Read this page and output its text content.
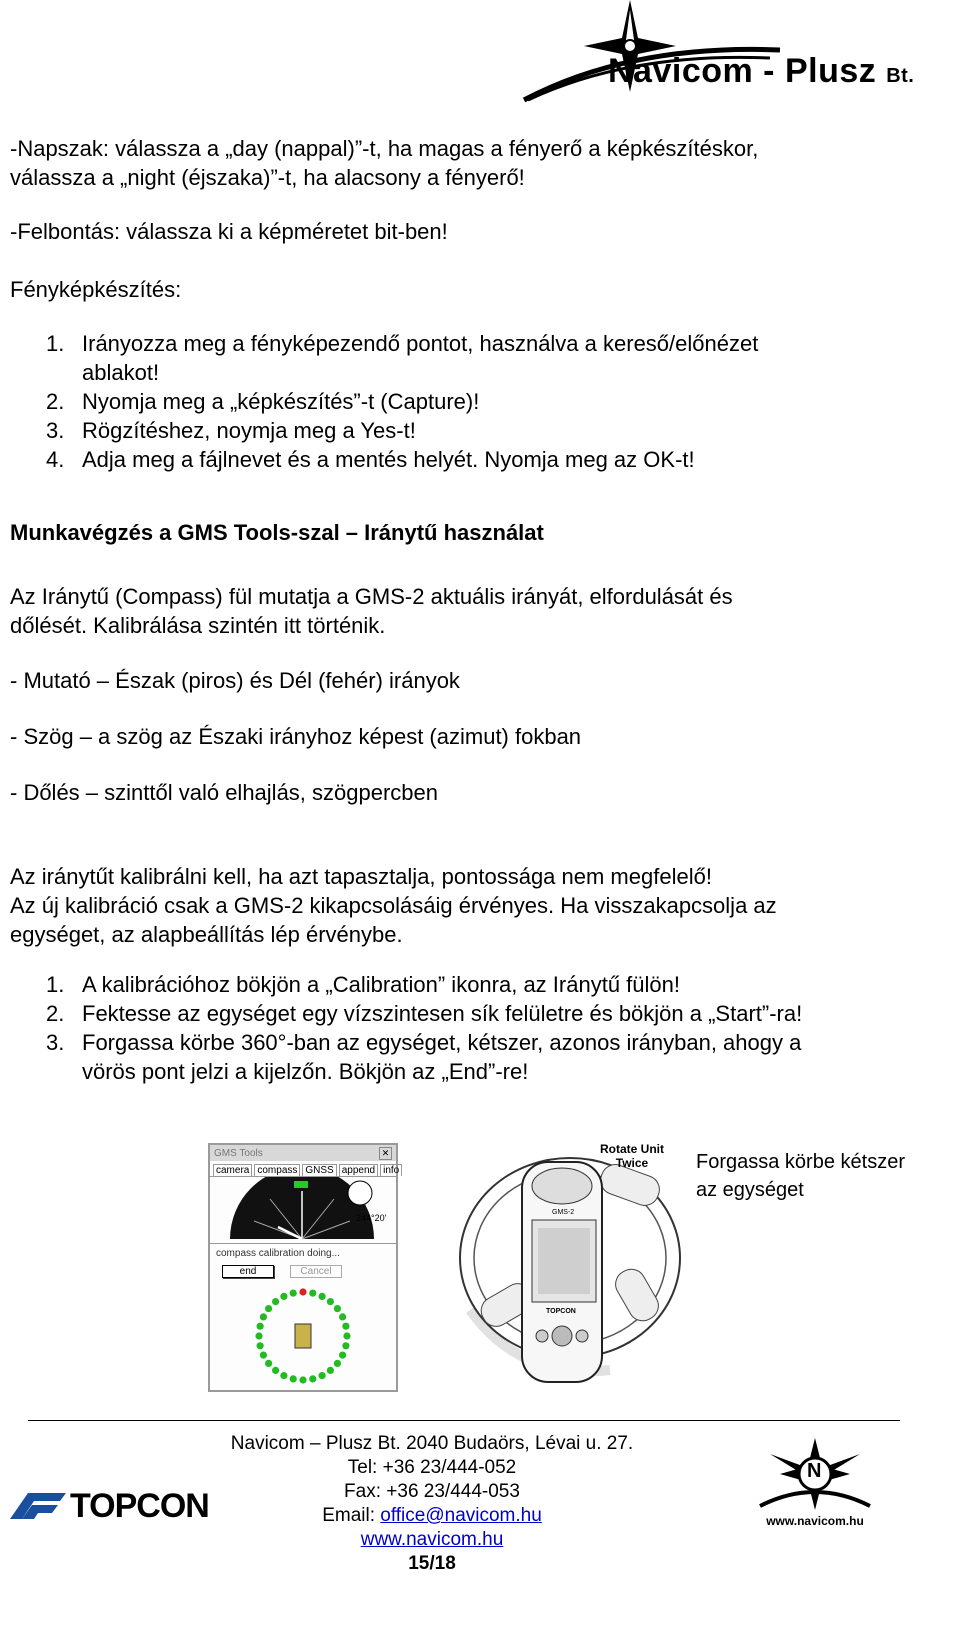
Navicom - Plusz Bt.
-Napszak: válassza a „day (nappal)”-t, ha magas a fényerő a képkészítéskor,
válassza a „night (éjszaka)”-t, ha alacsony a fényerő!
-Felbontás: válassza ki a képméretet bit-ben!
Fényképkészítés:
1. Irányozza meg a fényképezendő pontot, használva a kereső/előnézet
ablakot!
2. Nyomja meg a „képkészítés”-t (Capture)!
3. Rögzítéshez, noymja meg a Yes-t!
4. Adja meg a fájlnevet és a mentés helyét. Nyomja meg az OK-t!
Munkavégzés a GMS Tools-szal – Iránytű használat
Az Iránytű (Compass) fül mutatja a GMS-2 aktuális irányát, elfordulását és
dőlését. Kalibrálása szintén itt történik.
- Mutató – Észak (piros) és Dél (fehér) irányok
- Szög – a szög az Északi irányhoz képest (azimut) fokban
- Dőlés – szinttől való elhajlás, szögpercben
Az iránytűt kalibrálni kell, ha azt tapasztalja, pontossága nem megfelelő!
Az új kalibráció csak a GMS-2 kikapcsolásáig érvényes. Ha visszakapcsolja az
egységet, az alapbeállítás lép érvénybe.
1. A kalibrációhoz bökjön a „Calibration” ikonra, az Iránytű fülön!
2. Fektesse az egységet egy vízszintesen sík felületre és bökjön a „Start”-ra!
3. Forgassa körbe 360°-ban az egységet, kétszer, azonos irányban, ahogy a
vörös pont jelzi a kijelzőn. Bökjön az „End”-re!
GMS Tools	✕
camera compass GNSS append info
244°20'
compass calibration doing...
end	Cancel
Rotate Unit
Twice
GMS-2
TOPCON
Forgassa körbe kétszer
az egységet
TOPCON
Navicom – Plusz Bt. 2040 Budaörs, Lévai u. 27.
Tel: +36 23/444-052
Fax: +36 23/444-053
Email: office@navicom.hu
www.navicom.hu
15/18
N
www.navicom.hu
